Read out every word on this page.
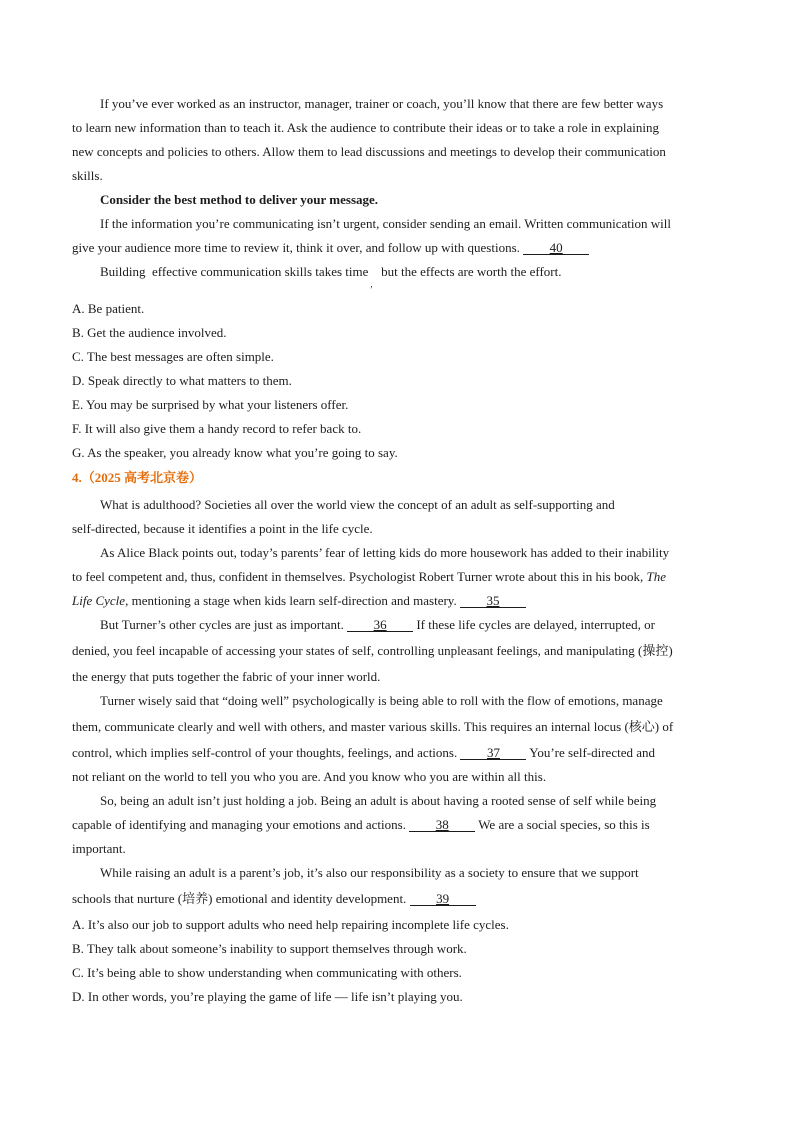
If you’ve ever worked as an instructor, manager, trainer or coach, you’ll know that there are few better ways
to learn new information than to teach it. Ask the audience to contribute their ideas or to take a role in explaining
new concepts and policies to others. Allow them to lead discussions and meetings to develop their communication
skills.
Consider the best method to deliver your message.
If the information you’re communicating isn’t urgent, consider sending an email. Written communication will
give your audience more time to review it, think it over, and follow up with questions. 40
Building  effective communication skills takes time$_,$  but the effects are worth the effort.
A. Be patient.
B. Get the audience involved.
C. The best messages are often simple.
D. Speak directly to what matters to them.
E. You may be surprised by what your listeners offer.
F. It will also give them a handy record to refer back to.
G. As the speaker, you already know what you’re going to say.
4.（2025 高考北京卷）
What is adulthood? Societies all over the world view the concept of an adult as self-supporting and
self-directed, because it identifies a point in the life cycle.
As Alice Black points out, today’s parents’ fear of letting kids do more housework has added to their inability
to feel competent and, thus, confident in themselves. Psychologist Robert Turner wrote about this in his book, The
Life Cycle, mentioning a stage when kids learn self-direction and mastery. 35
But Turner’s other cycles are just as important. 36 If these life cycles are delayed, interrupted, or
denied, you feel incapable of accessing your states of self, controlling unpleasant feelings, and manipulating (操控)
the energy that puts together the fabric of your inner world.
Turner wisely said that “doing well” psychologically is being able to roll with the flow of emotions, manage
them, communicate clearly and well with others, and master various skills. This requires an internal locus (核心) of
control, which implies self-control of your thoughts, feelings, and actions. 37 You’re self-directed and
not reliant on the world to tell you who you are. And you know who you are within all this.
So, being an adult isn’t just holding a job. Being an adult is about having a rooted sense of self while being
capable of identifying and managing your emotions and actions. 38 We are a social species, so this is
important.
While raising an adult is a parent’s job, it’s also our responsibility as a society to ensure that we support
schools that nurture (培养) emotional and identity development. 39
A. It’s also our job to support adults who need help repairing incomplete life cycles.
B. They talk about someone’s inability to support themselves through work.
C. It’s being able to show understanding when communicating with others.
D. In other words, you’re playing the game of life — life isn’t playing you.
